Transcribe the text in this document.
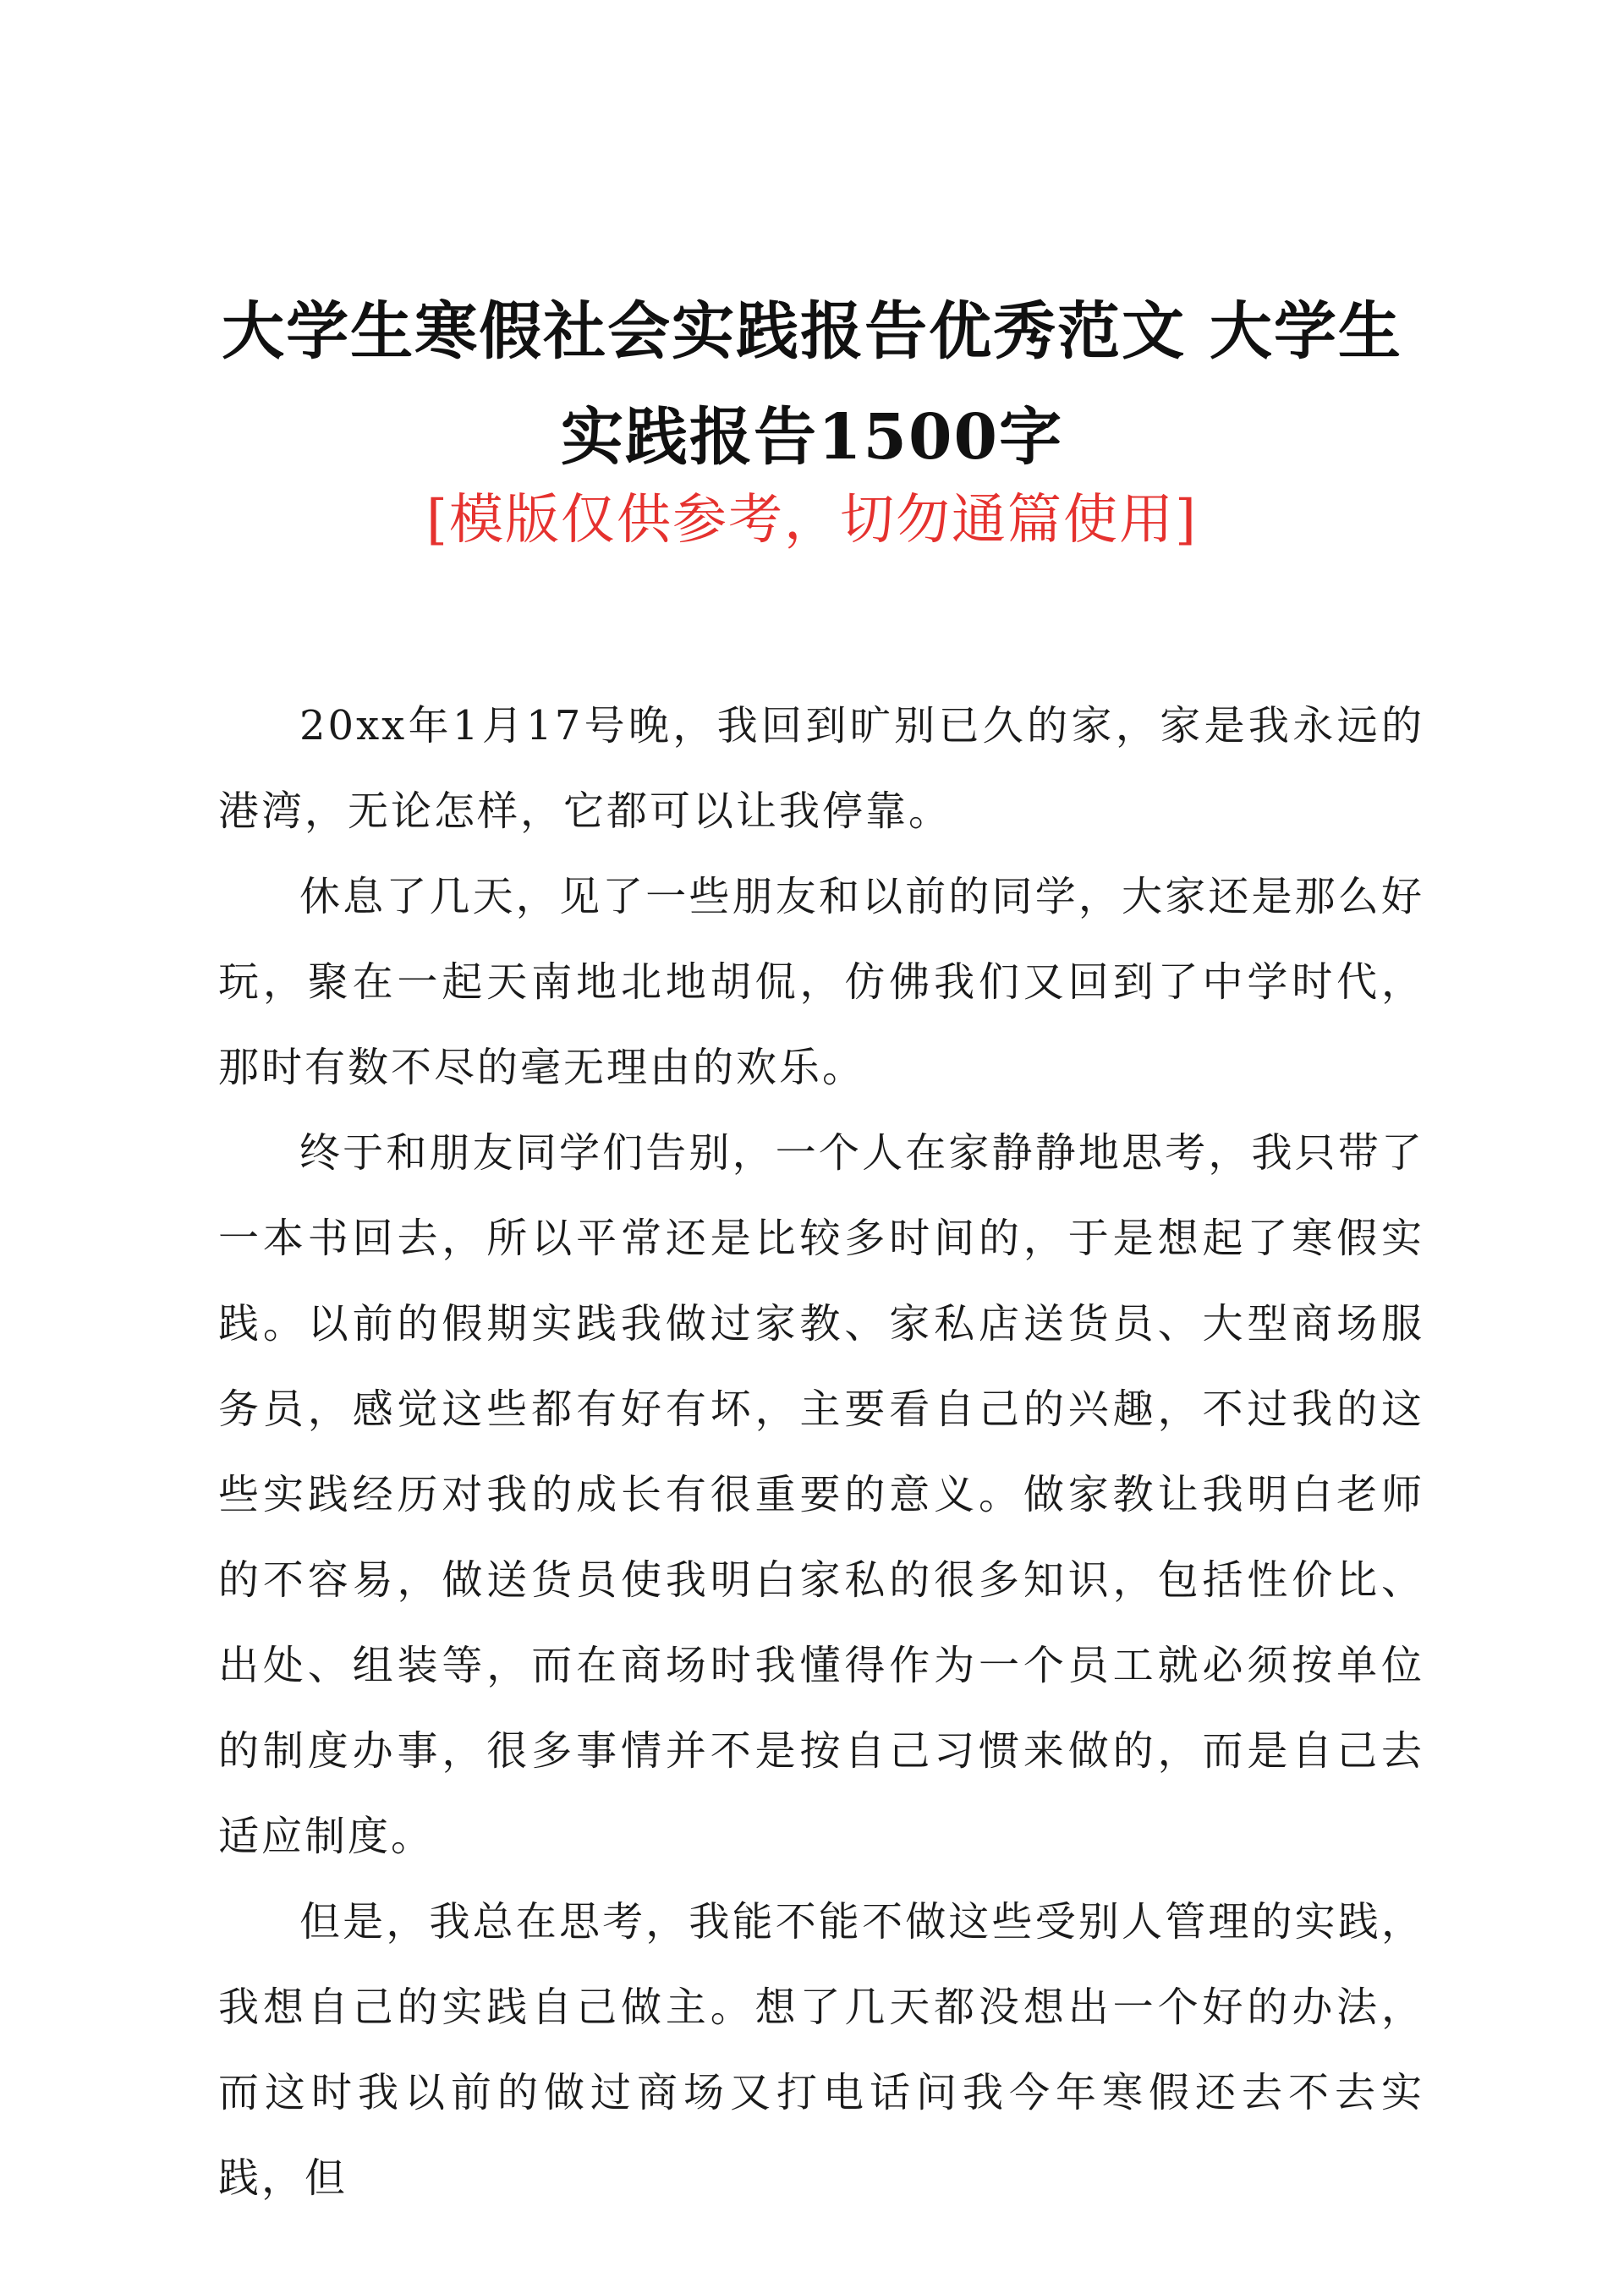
大学生寒假社会实践报告优秀范文 大学生实践报告1500字
[模版仅供参考，切勿通篇使用]

20xx年1月17号晚，我回到旷别已久的家，家是我永远的港湾，无论怎样，它都可以让我停靠。

休息了几天，见了一些朋友和以前的同学，大家还是那么好玩，聚在一起天南地北地胡侃，仿佛我们又回到了中学时代，那时有数不尽的毫无理由的欢乐。

终于和朋友同学们告别，一个人在家静静地思考，我只带了一本书回去，所以平常还是比较多时间的，于是想起了寒假实践。以前的假期实践我做过家教、家私店送货员、大型商场服务员，感觉这些都有好有坏，主要看自己的兴趣，不过我的这些实践经历对我的成长有很重要的意义。做家教让我明白老师的不容易，做送货员使我明白家私的很多知识，包括性价比、出处、组装等，而在商场时我懂得作为一个员工就必须按单位的制度办事，很多事情并不是按自己习惯来做的，而是自己去适应制度。

但是，我总在思考，我能不能不做这些受别人管理的实践，我想自己的实践自己做主。想了几天都没想出一个好的办法，而这时我以前的做过商场又打电话问我今年寒假还去不去实践，但
